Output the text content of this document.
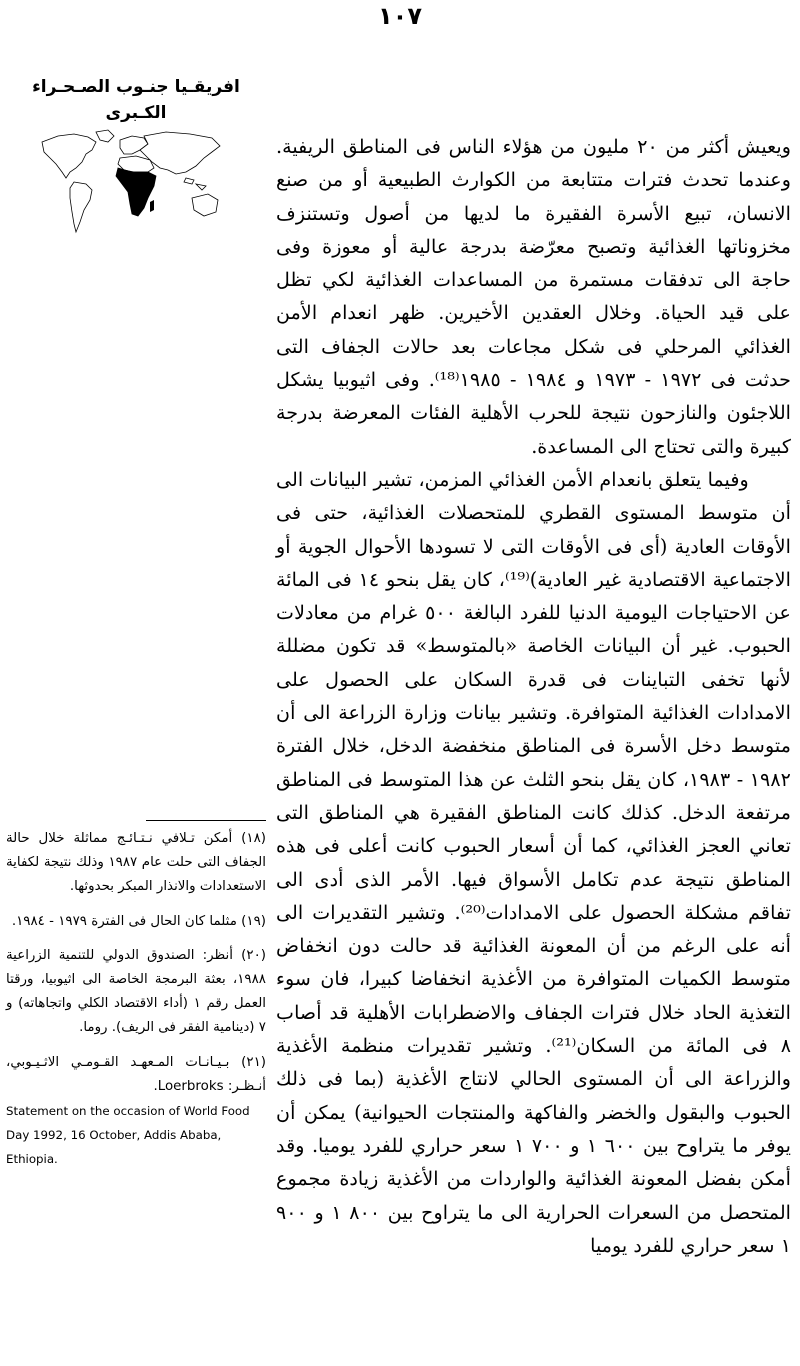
١٠٧
افريقـيا جنـوب الصـحـراء
الكـبرى

ويعيش أكثر من ٢٠ مليون من هؤلاء الناس فى المناطق الريفية. وعندما تحدث فترات متتابعة من الكوارث الطبيعية أو من صنع الانسان، تبيع الأسرة الفقيرة ما لديها من أصول وتستنزف مخزوناتها الغذائية وتصبح معرّضة بدرجة عالية أو معوزة وفى حاجة الى تدفقات مستمرة من المساعدات الغذائية لكي تظل على قيد الحياة. وخلال العقدين الأخيرين. ظهر انعدام الأمن الغذائي المرحلي فى شكل مجاعات بعد حالات الجفاف التى حدثت فى ١٩٧٢ - ١٩٧٣ و ١٩٨٤ - ١٩٨٥⁽¹⁸⁾. وفى اثيوبيا يشكل اللاجئون والنازحون نتيجة للحرب الأهلية الفئات المعرضة بدرجة كبيرة والتى تحتاج الى المساعدة.

وفيما يتعلق بانعدام الأمن الغذائي المزمن، تشير البيانات الى أن متوسط المستوى القطري للمتحصلات الغذائية، حتى فى الأوقات العادية (أى فى الأوقات التى لا تسودها الأحوال الجوية أو الاجتماعية الاقتصادية غير العادية)⁽¹⁹⁾، كان يقل بنحو ١٤ فى المائة عن الاحتياجات اليومية الدنيا للفرد البالغة ٥٠٠ غرام من معادلات الحبوب. غير أن البيانات الخاصة «بالمتوسط» قد تكون مضللة لأنها تخفى التباينات فى قدرة السكان على الحصول على الامدادات الغذائية المتوافرة. وتشير بيانات وزارة الزراعة الى أن متوسط دخل الأسرة فى المناطق منخفضة الدخل، خلال الفترة ١٩٨٢ - ١٩٨٣، كان يقل بنحو الثلث عن هذا المتوسط فى المناطق مرتفعة الدخل. كذلك كانت المناطق الفقيرة هي المناطق التى تعاني العجز الغذائي، كما أن أسعار الحبوب كانت أعلى فى هذه المناطق نتيجة عدم تكامل الأسواق فيها. الأمر الذى أدى الى تفاقم مشكلة الحصول على الامدادات⁽²⁰⁾. وتشير التقديرات الى أنه على الرغم من أن المعونة الغذائية قد حالت دون انخفاض متوسط الكميات المتوافرة من الأغذية انخفاضا كبيرا، فان سوء التغذية الحاد خلال فترات الجفاف والاضطرابات الأهلية قد أصاب ٨ فى المائة من السكان⁽²¹⁾. وتشير تقديرات منظمة الأغذية والزراعة الى أن المستوى الحالي لانتاج الأغذية (بما فى ذلك الحبوب والبقول والخضر والفاكهة والمنتجات الحيوانية) يمكن أن يوفر ما يتراوح بين ٦٠٠ ١ و ٧٠٠ ١ سعر حراري للفرد يوميا. وقد أمكن بفضل المعونة الغذائية والواردات من الأغذية زيادة مجموع المتحصل من السعرات الحرارية الى ما يتراوح بين ٨٠٠ ١ و ٩٠٠ ١ سعر حراري للفرد يوميا

(١٨) أمكن تـلافي نـتـائـج مماثلة خلال حالة الجفاف التى حلت عام ١٩٨٧ وذلك نتيجة لكفاية الاستعدادات والانذار المبكر بحدوثها.
(١٩) مثلما كان الحال فى الفترة ١٩٧٩ - ١٩٨٤.
(٢٠) أنظر: الصندوق الدولي للتنمية الزراعية ١٩٨٨، بعثة البرمجة الخاصة الى اثيوبيا، ورقتا العمل رقم ١ (أداء الاقتصاد الكلي واتجاهاته) و ٧ (دينامية الفقر فى الريف). روما.
(٢١) بـيـانـات المـعهـد القـومـي الاثـيـوبي، أنـظـر: Loerbroks.
Statement on the occasion of World Food Day 1992, 16 October, Addis Ababa, Ethiopia.
